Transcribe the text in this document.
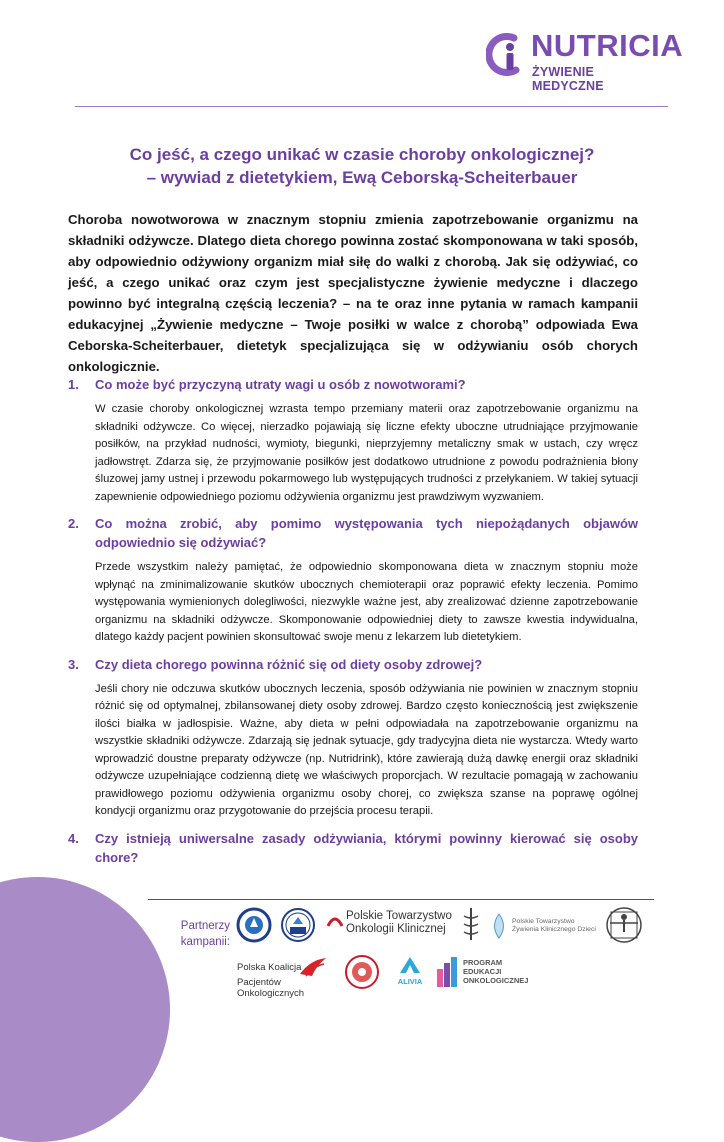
NUTRICIA
ŻYWIENIE MEDYCZNE
Co jeść, a czego unikać w czasie choroby onkologicznej?
– wywiad z dietetykiem, Ewą Ceborską-Scheiterbauer

Choroba nowotworowa w znacznym stopniu zmienia zapotrzebowanie organizmu na składniki odżywcze. Dlatego dieta chorego powinna zostać skomponowana w taki sposób, aby odpowiednio odżywiony organizm miał siłę do walki z chorobą. Jak się odżywiać, co jeść, a czego unikać oraz czym jest specjalistyczne żywienie medyczne i dlaczego powinno być integralną częścią leczenia? – na te oraz inne pytania w ramach kampanii edukacyjnej „Żywienie medyczne – Twoje posiłki w walce z chorobą” odpowiada Ewa Ceborska-Scheiterbauer, dietetyk specjalizująca się w odżywianiu osób chorych onkologicznie.

1. Co może być przyczyną utraty wagi u osób z nowotworami?

W czasie choroby onkologicznej wzrasta tempo przemiany materii oraz zapotrzebowanie organizmu na składniki odżywcze. Co więcej, nierzadko pojawiają się liczne efekty uboczne utrudniające przyjmowanie posiłków, na przykład nudności, wymioty, biegunki, nieprzyjemny metaliczny smak w ustach, czy wręcz jadłowstręt. Zdarza się, że przyjmowanie posiłków jest dodatkowo utrudnione z powodu podrażnienia błony śluzowej jamy ustnej i przewodu pokarmowego lub występujących trudności z przełykaniem. W takiej sytuacji zapewnienie odpowiedniego poziomu odżywienia organizmu jest prawdziwym wyzwaniem.

2. Co można zrobić, aby pomimo występowania tych niepożądanych objawów odpowiednio się odżywiać?

Przede wszystkim należy pamiętać, że odpowiednio skomponowana dieta w znacznym stopniu może wpłynąć na zminimalizowanie skutków ubocznych chemioterapii oraz poprawić efekty leczenia. Pomimo występowania wymienionych dolegliwości, niezwykle ważne jest, aby zrealizować dzienne zapotrzebowanie organizmu na składniki odżywcze. Skomponowanie odpowiedniej diety to zawsze kwestia indywidualna, dlatego każdy pacjent powinien skonsultować swoje menu z lekarzem lub dietetykiem.

3. Czy dieta chorego powinna różnić się od diety osoby zdrowej?

Jeśli chory nie odczuwa skutków ubocznych leczenia, sposób odżywiania nie powinien w znacznym stopniu różnić się od optymalnej, zbilansowanej diety osoby zdrowej. Bardzo często koniecznością jest zwiększenie ilości białka w jadłospisie. Ważne, aby dieta w pełni odpowiadała na zapotrzebowanie organizmu na wszystkie składniki odżywcze. Zdarzają się jednak sytuacje, gdy tradycyjna dieta nie wystarcza. Wtedy warto wprowadzić doustne preparaty odżywcze (np. Nutridrink), które zawierają dużą dawkę energii oraz składniki odżywcze uzupełniające codzienną dietę we właściwych proporcjach. W rezultacie pomagają w zachowaniu prawidłowego poziomu odżywienia organizmu osoby chorej, co zwiększa szanse na poprawę ogólnej kondycji organizmu oraz przygotowanie do przejścia procesu terapii.

4. Czy istnieją uniwersalne zasady odżywiania, którymi powinny kierować się osoby chore?

Partnerzy
kampanii:
Polskie Towarzystwo
Onkologii Klinicznej
Polskie Towarzystwo
Żywienia Klinicznego Dzieci
Polska Koalicja
Pacjentów Onkologicznych
ALIVIA
PROGRAM
EDUKACJI
ONKOLOGICZNEJ
